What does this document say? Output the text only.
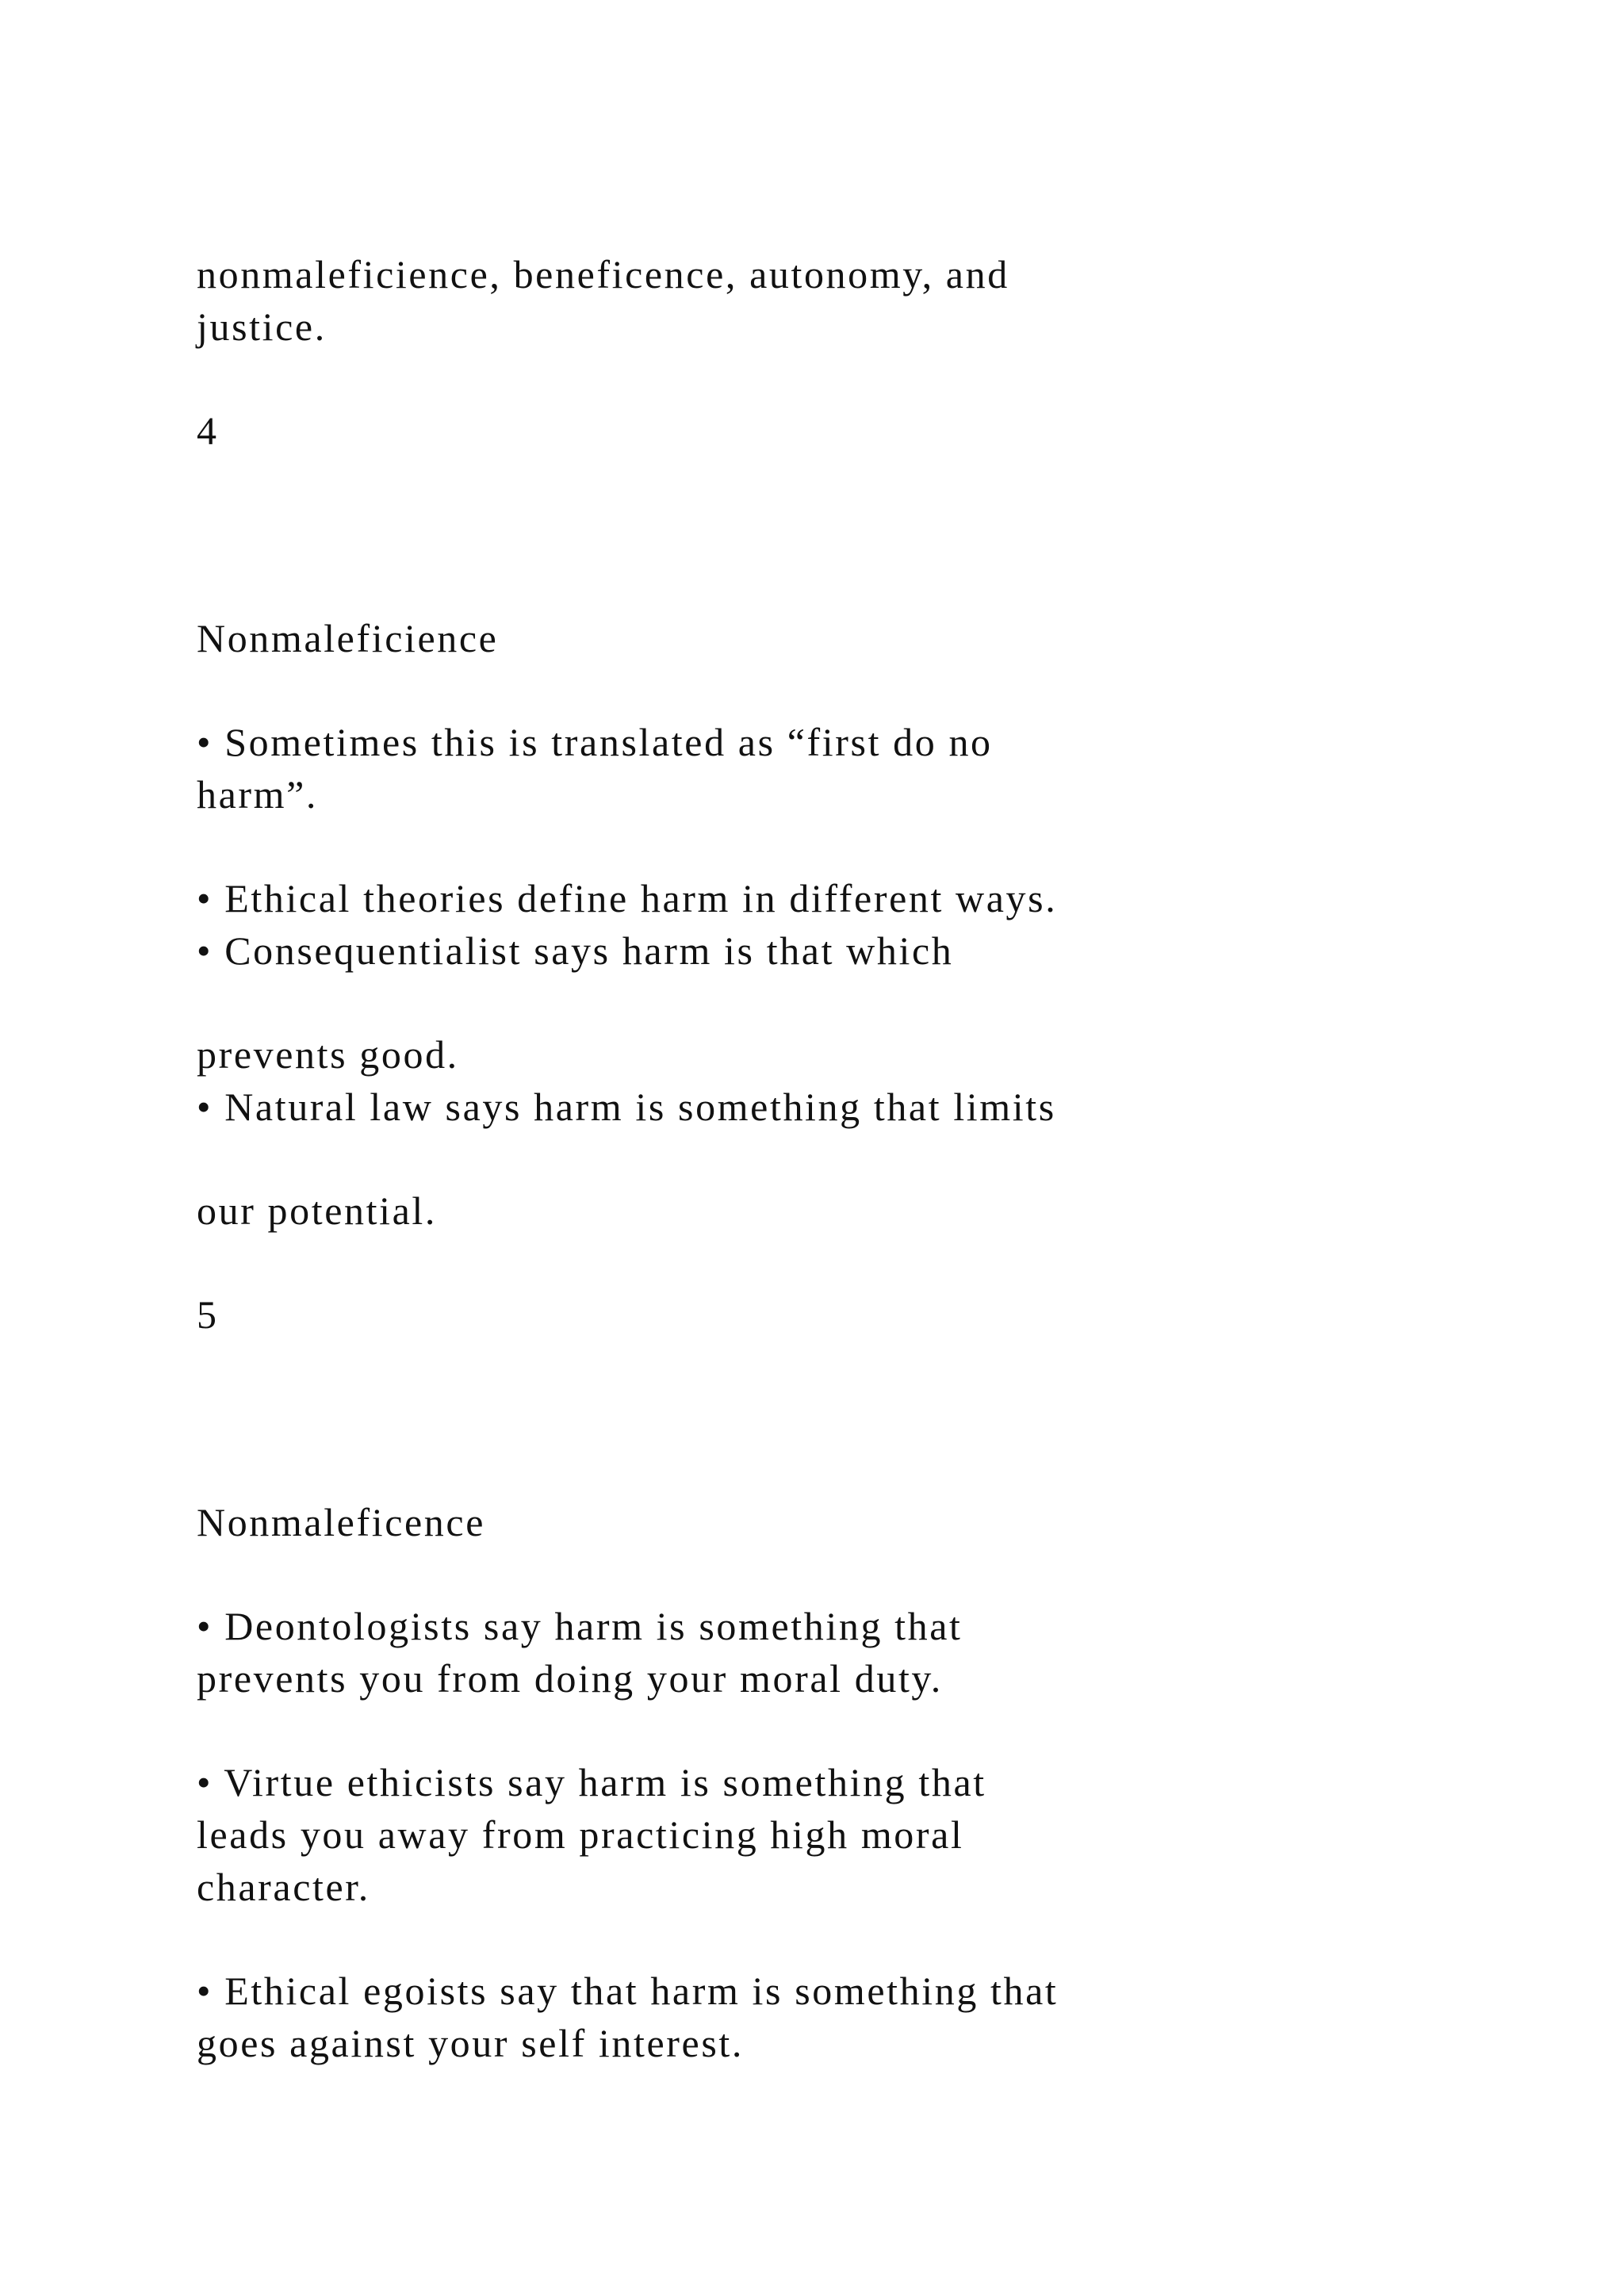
nonmaleficience, beneficence, autonomy, and

justice.

4

Nonmaleficience

• Sometimes this is translated as “first do no

harm”.

• Ethical theories define harm in different ways.

• Consequentialist says harm is that which

prevents good.

• Natural law says harm is something that limits

our potential.

5

Nonmaleficence

• Deontologists say harm is something that

prevents you from doing your moral duty.

• Virtue ethicists say harm is something that

leads you away from practicing high moral

character.

• Ethical egoists say that harm is something that

goes against your self interest.
